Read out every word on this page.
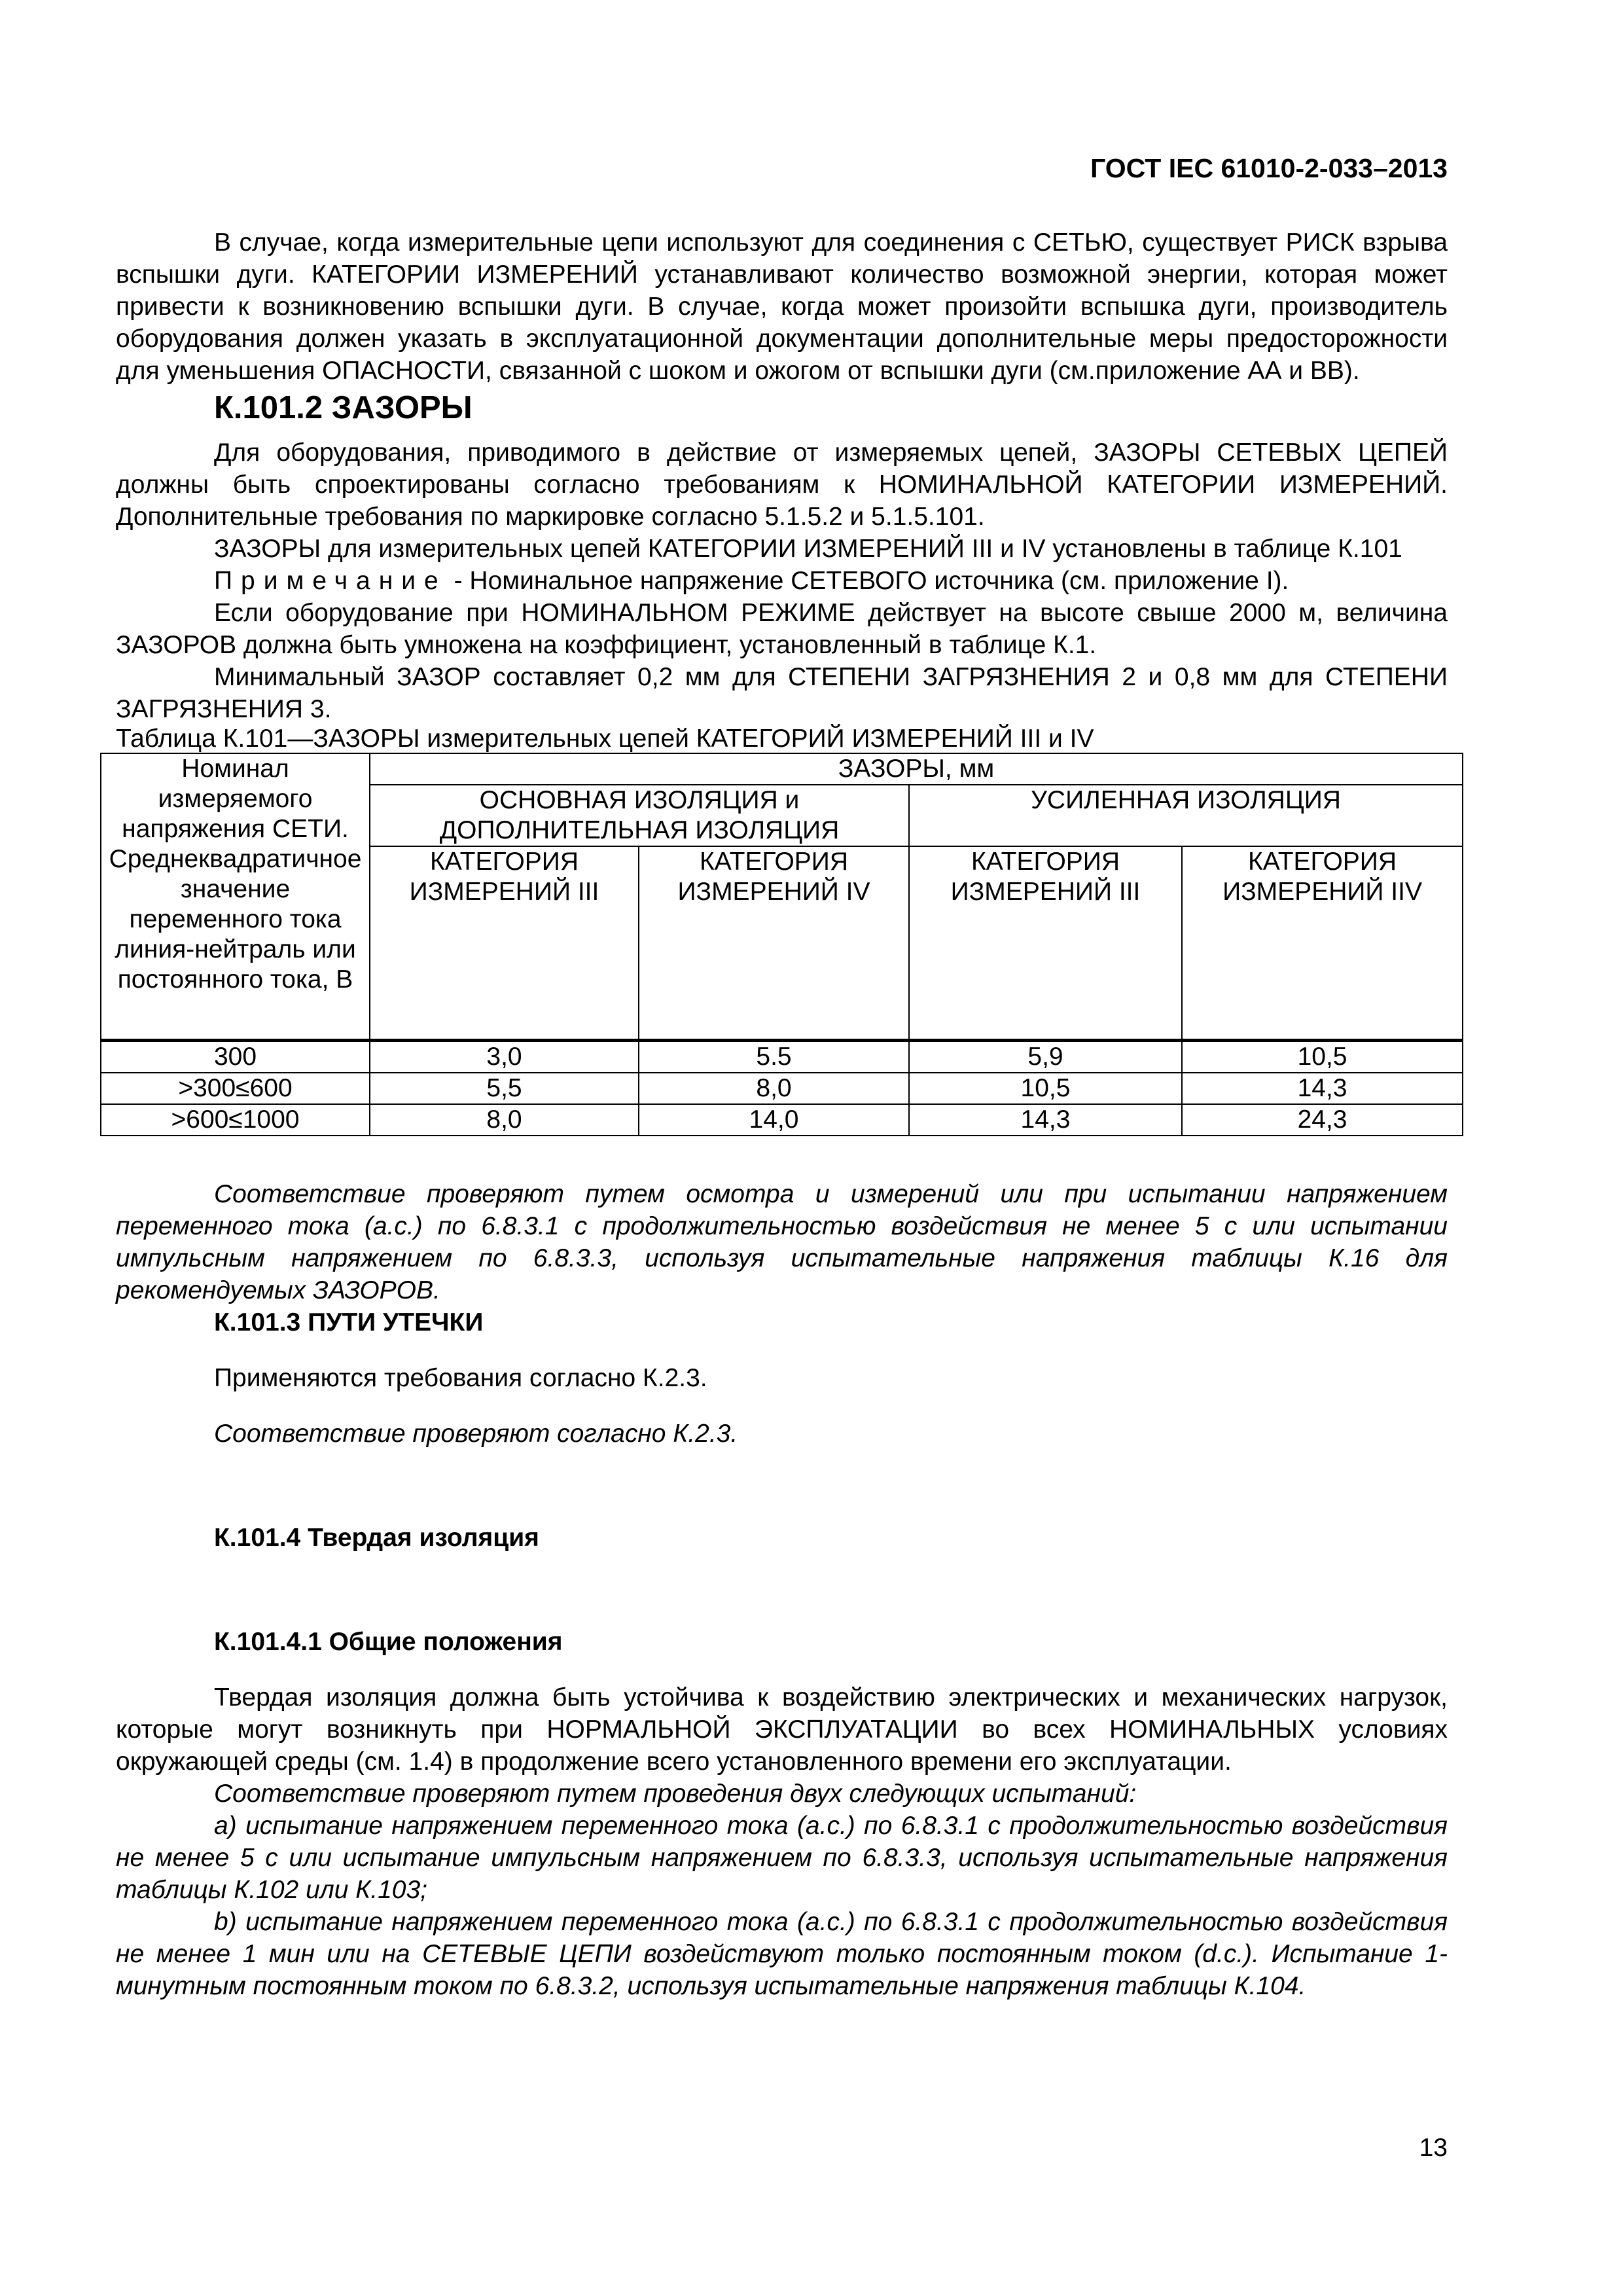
ГОСТ IEC 61010-2-033–2013

В случае, когда измерительные цепи используют для соединения с СЕТЬЮ, существует РИСК взрыва вспышки дуги. КАТЕГОРИИ ИЗМЕРЕНИЙ устанавливают количество возможной энергии, которая может привести к возникновению вспышки дуги. В случае, когда может произойти вспышка дуги, производитель оборудования должен указать в эксплуатационной документации дополнительные меры предосторожности для уменьшения ОПАСНОСТИ, связанной с шоком и ожогом от вспышки дуги (см.приложение АА и ВВ).

К.101.2 ЗАЗОРЫ

Для оборудования, приводимого в действие от измеряемых цепей, ЗАЗОРЫ СЕТЕВЫХ ЦЕПЕЙ должны быть спроектированы согласно требованиям к НОМИНАЛЬНОЙ КАТЕГОРИИ ИЗМЕРЕНИЙ. Дополнительные требования по маркировке согласно 5.1.5.2 и 5.1.5.101.

ЗАЗОРЫ для измерительных цепей КАТЕГОРИИ ИЗМЕРЕНИЙ III и IV установлены в таблице К.101

Примечание - Номинальное напряжение СЕТЕВОГО источника (см. приложение I).

Если оборудование при НОМИНАЛЬНОМ РЕЖИМЕ действует на высоте свыше 2000 м, величина ЗАЗОРОВ должна быть умножена на коэффициент, установленный в таблице К.1.

Минимальный ЗАЗОР составляет 0,2 мм для СТЕПЕНИ ЗАГРЯЗНЕНИЯ 2 и 0,8 мм для СТЕПЕНИ ЗАГРЯЗНЕНИЯ 3.

Таблица К.101—ЗАЗОРЫ измерительных цепей КАТЕГОРИЙ ИЗМЕРЕНИЙ III и IV

Номинал измеряемого напряжения СЕТИ. Среднеквадратичное значение переменного тока линия-нейтраль или постоянного тока, В	ЗАЗОРЫ, мм			
	ОСНОВНАЯ ИЗОЛЯЦИЯ и ДОПОЛНИТЕЛЬНАЯ ИЗОЛЯЦИЯ		УСИЛЕННАЯ ИЗОЛЯЦИЯ	
	КАТЕГОРИЯ ИЗМЕРЕНИЙ III	КАТЕГОРИЯ ИЗМЕРЕНИЙ IV	КАТЕГОРИЯ ИЗМЕРЕНИЙ III	КАТЕГОРИЯ ИЗМЕРЕНИЙ IIV
300	3,0	5.5	5,9	10,5
>300≤600	5,5	8,0	10,5	14,3
>600≤1000	8,0	14,0	14,3	24,3

Соответствие проверяют путем осмотра и измерений или при испытании напряжением переменного тока (а.с.) по 6.8.3.1 с продолжительностью воздействия не менее 5 с или испытании импульсным напряжением по 6.8.3.3, используя испытательные напряжения таблицы К.16 для рекомендуемых ЗАЗОРОВ.

К.101.3 ПУТИ УТЕЧКИ

Применяются требования согласно К.2.3.

Соответствие проверяют согласно К.2.3.

К.101.4 Твердая изоляция
К.101.4.1 Общие положения

Твердая изоляция должна быть устойчива к воздействию электрических и механических нагрузок, которые могут возникнуть при НОРМАЛЬНОЙ ЭКСПЛУАТАЦИИ во всех НОМИНАЛЬНЫХ условиях окружающей среды (см. 1.4) в продолжение всего установленного времени его эксплуатации.

Соответствие проверяют путем проведения двух следующих испытаний:

а) испытание напряжением переменного тока (а.с.) по 6.8.3.1 с продолжительностью воздействия не менее 5 с или испытание импульсным напряжением по 6.8.3.3, используя испытательные напряжения таблицы К.102 или К.103;

b) испытание напряжением переменного тока (а.с.) по 6.8.3.1 с продолжительностью воздействия не менее 1 мин или на СЕТЕВЫЕ ЦЕПИ воздействуют только постоянным током (d.c.). Испытание 1-минутным постоянным током по 6.8.3.2, используя испытательные напряжения таблицы К.104.

13
